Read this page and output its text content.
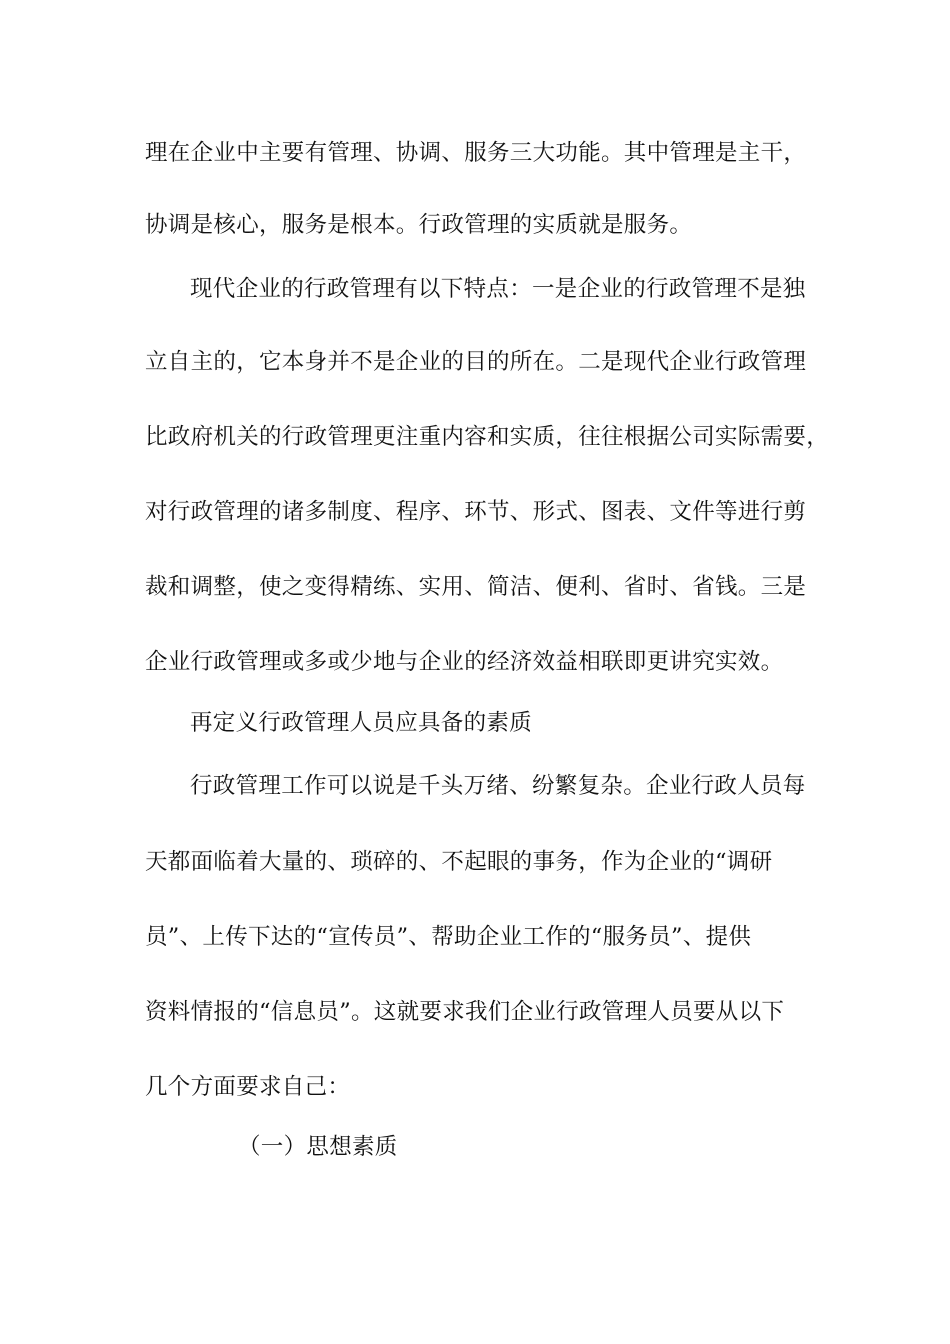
理在企业中主要有管理、协调、服务三大功能。其中管理是主干，
协调是核心，服务是根本。行政管理的实质就是服务。
现代企业的行政管理有以下特点：一是企业的行政管理不是独
立自主的，它本身并不是企业的目的所在。二是现代企业行政管理
比政府机关的行政管理更注重内容和实质，往往根据公司实际需要，
对行政管理的诸多制度、程序、环节、形式、图表、文件等进行剪
裁和调整，使之变得精练、实用、简洁、便利、省时、省钱。三是
企业行政管理或多或少地与企业的经济效益相联即更讲究实效。
再定义行政管理人员应具备的素质
行政管理工作可以说是千头万绪、纷繁复杂。企业行政人员每
天都面临着大量的、琐碎的、不起眼的事务，作为企业的“调研
员”、上传下达的“宣传员”、帮助企业工作的“服务员”、提供
资料情报的“信息员”。这就要求我们企业行政管理人员要从以下
几个方面要求自己：
（一）思想素质
